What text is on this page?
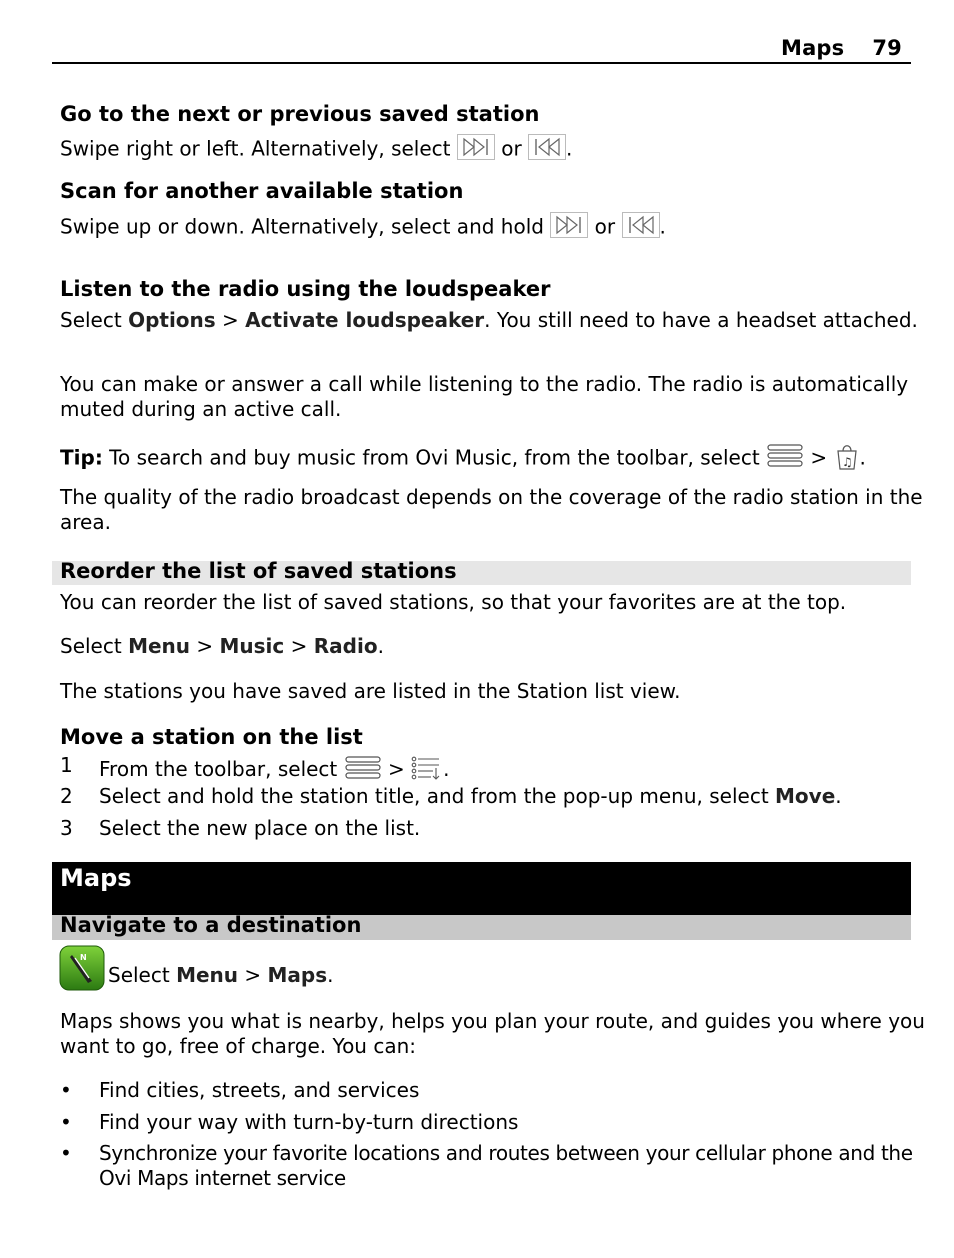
Maps 79
Go to the next or previous saved station
Swipe right or left. Alternatively, select  or .
Scan for another available station
Swipe up or down. Alternatively, select and hold  or .
Listen to the radio using the loudspeaker
Select Options > Activate loudspeaker. You still need to have a headset attached.
You can make or answer a call while listening to the radio. The radio is automatically
muted during an active call.
Tip: To search and buy music from Ovi Music, from the toolbar, select  > ♫ .
The quality of the radio broadcast depends on the coverage of the radio station in the
area.
Reorder the list of saved stations
You can reorder the list of saved stations, so that your favorites are at the top.
Select Menu > Music > Radio.
The stations you have saved are listed in the Station list view.
Move a station on the list
1 From the toolbar, select  > .
2 Select and hold the station title, and from the pop-up menu, select Move.
3 Select the new place on the list.
Maps
Navigate to a destination
N
Select Menu > Maps.
Maps shows you what is nearby, helps you plan your route, and guides you where you
want to go, free of charge. You can:
• Find cities, streets, and services
• Find your way with turn-by-turn directions
• Synchronize your favorite locations and routes between your cellular phone and the
Ovi Maps internet service
